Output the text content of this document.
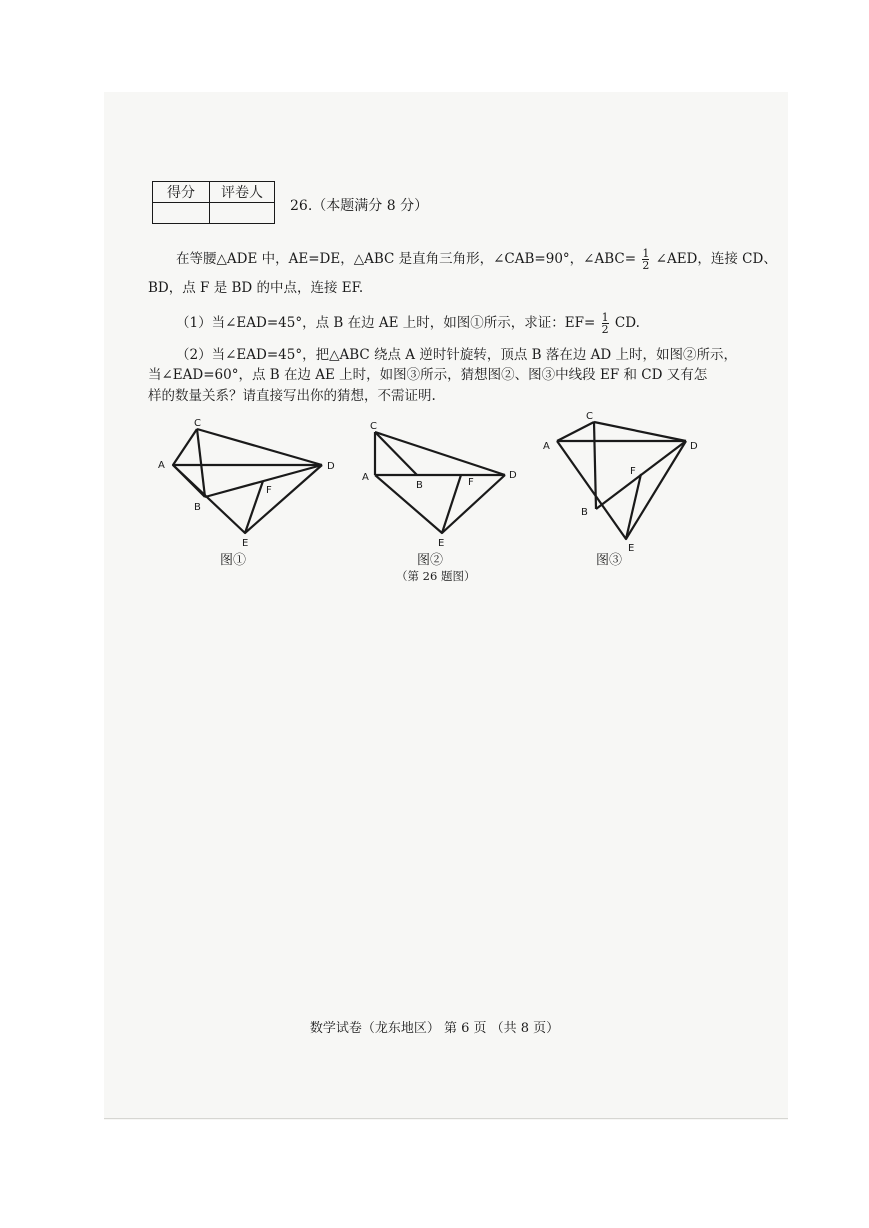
得分	评卷人

26.（本题满分 8 分）
在等腰△ADE 中，AE=DE，△ABC 是直角三角形，∠CAB=90°，∠ABC= $\frac{1}{2}$ ∠AED，连接 CD、
BD，点 F 是 BD 的中点，连接 EF.
（1）当∠EAD=45°，点 B 在边 AE 上时，如图①所示，求证：$EF= \frac{1}{2}$ CD.
（2）当∠EAD=45°，把△ABC 绕点 A 逆时针旋转，顶点 B 落在边 AD 上时，如图②所示，
当∠EAD=60°，点 B 在边 AE 上时，如图③所示，猜想图②、图③中线段 EF 和 CD 又有怎
样的数量关系？请直接写出你的猜想，不需证明.
C
A	D
B
F
E
C
A
B	F
D
E
C
A	D
F
B
E
图①	图②	图③
（第 26 题图）
数学试卷（龙东地区） 第 6 页 （共 8 页）
